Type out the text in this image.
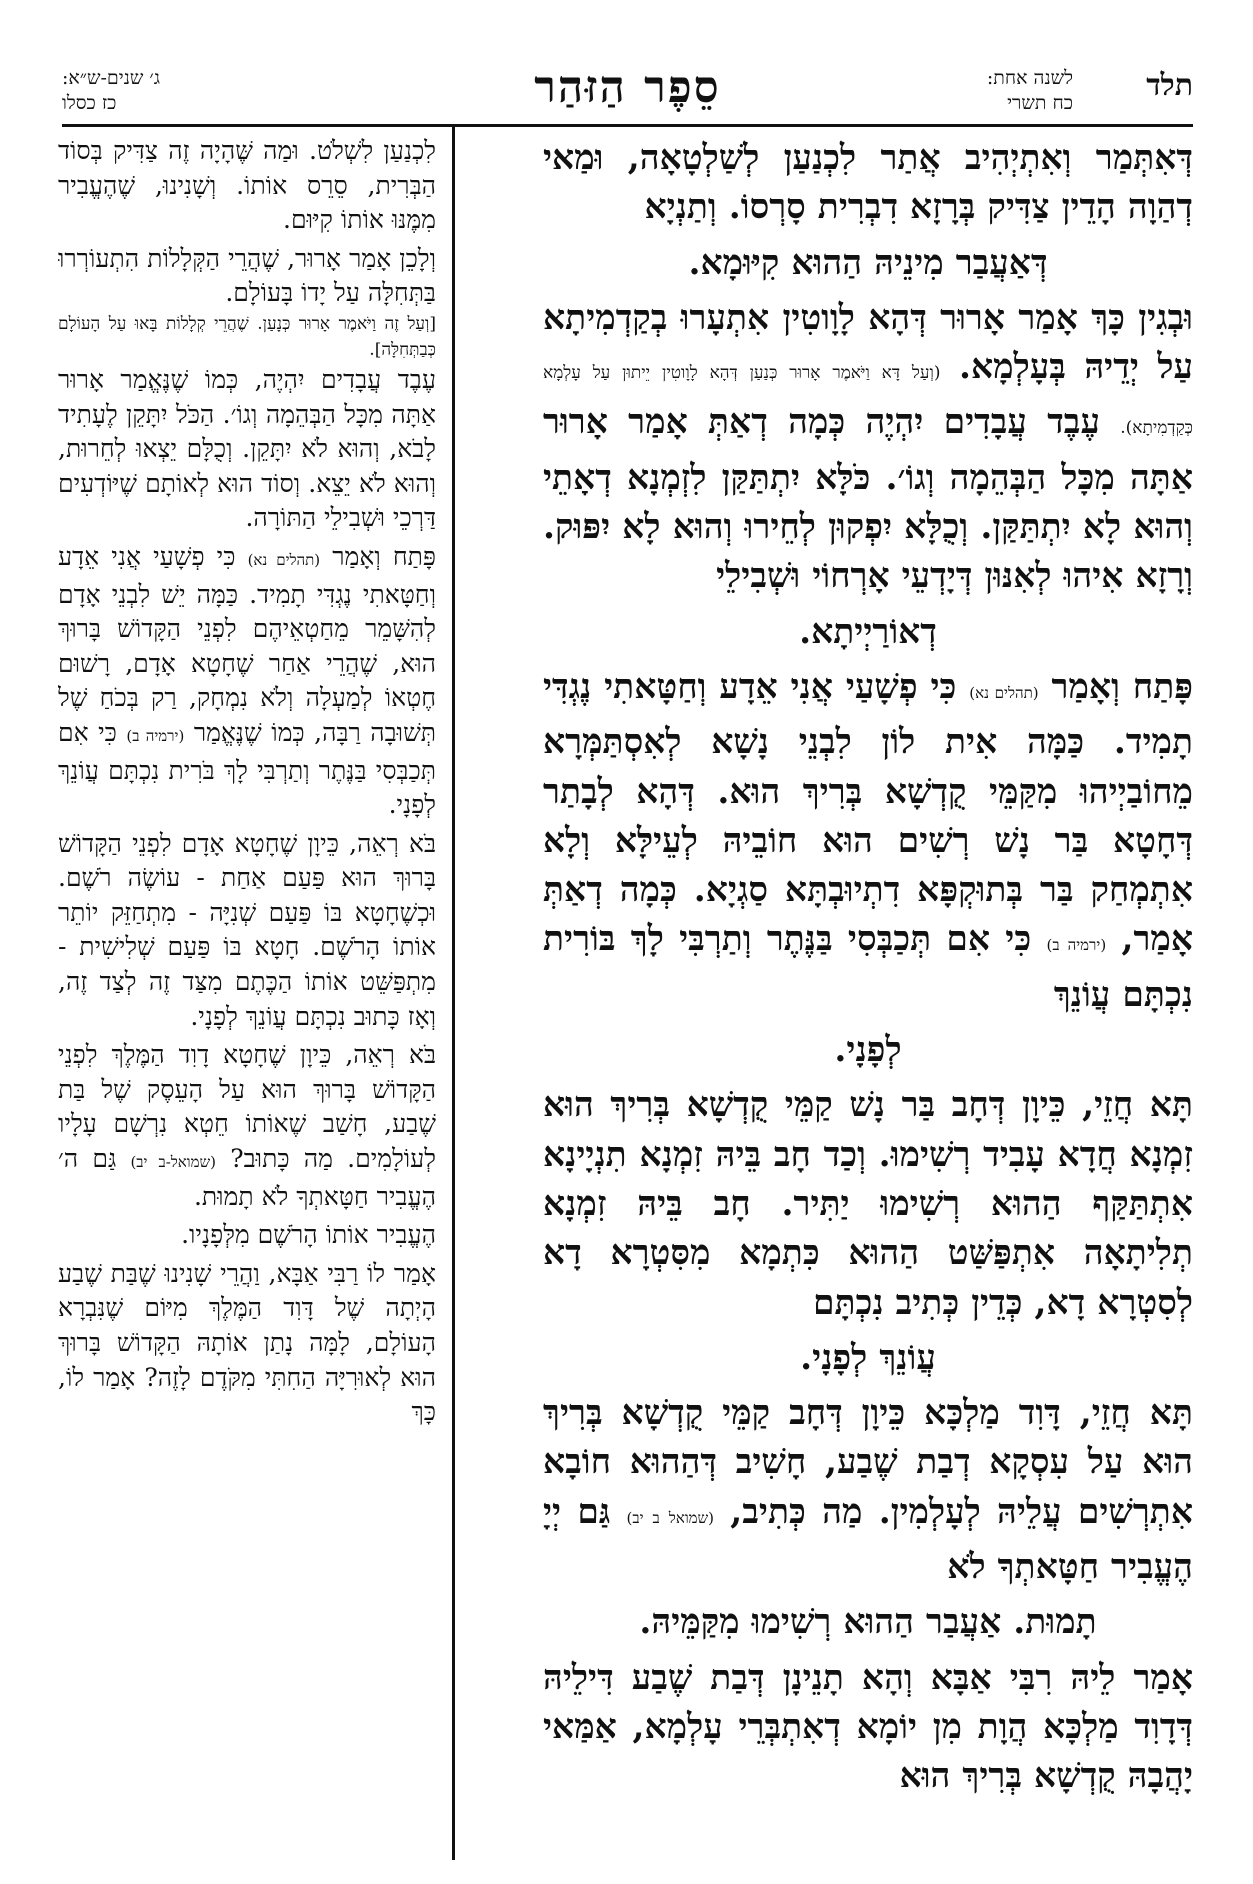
תלד
לשנה אחת:
כח תשרי
סֵפֶר הַזּהַר
ג׳ שנים-ש״א:
כז כסלו

דְּאִתְּמַר וְאִתְיְהִיב אֲתַר לִכְנַעַן לְשַׁלְטָאָה, וּמַאי דְהַוָה הָדֵין צַדִּיק בְּרָזָא דִבְרִית סָרְסוֹ. וְתַנְיָא

דְּאַעֲבַר מִינֵיהּ הַהוּא קִיּוּמָא.

וּבְגִין כָּךְ אָמַר אָרוּר דְּהָא לָוָוטִין אִתְעָרוּ בְקַדְמִיתָא עַל יְדֵיהּ בְּעָלְמָא. (וְעַל דָּא וַיֹּאמֶר אָרוּר כְּנַעַן דְּהָא לָוָוטִין יֵיתוּן עַל עָלְמָא כְּקַדְמִיתָא). עֶבֶד עֲבָדִים יִהְיֶה כְּמָה דְאַתְּ אָמַר אָרוּר אַתָּה מִכָּל הַבְּהֵמָה וְגוֹ׳. כֹּלָּא יִתְתַּקַּן לִזְמְנָא דְאָתֵי וְהוּא לָא יִתְתַּקַּן. וְכֻלָּא יִפְקוּן לְחֵירוּ וְהוּא לָא יִפּוּק. וְרָזָא אִיהוּ לְאִנּוּן דְּיָדְעֵי אָרְחוֹי וּשְׁבִילֵי

דְאוֹרַיְיתָא.

פָּתַח וְאָמַר (תהלים נא) כִּי פְשָׁעַי אֲנִי אֵדָע וְחַטָּאתִי נֶגְדִּי תָמִיד. כַּמָּה אִית לוֹן לִבְנֵי נָשָׁא לְאִסְתַּמְּרָא מֵחוֹבַיְיהוּ מִקַּמֵּי קֻדְשָׁא בְּרִיךְ הוּא. דְּהָא לְבָתַר דְּחָטָא בַּר נָשׁ רְשִׁים הוּא חוֹבֵיהּ לְעֵילָּא וְלָא אִתְמְחַק בַּר בְּתוּקְפָּא דִתְיוּבְתָּא סַגְיָא. כְּמָה דְאַתְּ אָמַר, (ירמיה ב) כִּי אִם תְּכַבְּסִי בַּנֶּתֶר וְתַרְבִּי לָךְ בּוֹרִית נִכְתָּם עֲוֹנֵךְ

לְפָנָי.

תָּא חֲזֵי, כֵּיוָן דְּחָב בַּר נָשׁ קַמֵּי קֻדְשָׁא בְּרִיךְ הוּא זִמְנָא חֲדָא עָבִיד רְשִׁימוּ. וְכַד חָב בֵּיהּ זִמְנָא תִנְיָינָא אִתְתַּקַּף הַהוּא רְשִׁימוּ יַתִּיר. חָב בֵּיהּ זִמְנָא תְלִיתָאָה אִתְפַּשַּׁט הַהוּא כִּתְמָא מִסִּטְרָא דָא לְסִטְרָא דָא, כְּדֵין כְּתִיב נִכְתָּם

עֲוֹנֵךְ לְפָנָי.

תָּא חֲזֵי, דָּוִד מַלְכָּא כֵּיוָן דְּחָב קַמֵּי קֻדְשָׁא בְּרִיךְ הוּא עַל עִסְקָא דְבַת שֶׁבַע, חָשִׁיב דְּהַהוּא חוֹבָא אִתְרְשִׁים עֲלֵיהּ לְעָלְמִין. מַה כְּתִיב, (שמואל ב יב) גַּם יְיָ הֶעֱבִיר חַטָּאתְךָ לֹא

תָמוּת. אַעֲבַר הַהוּא רְשִׁימוּ מִקַּמֵּיהּ.

אָמַר לֵיהּ רִבִּי אַבָּא וְהָא תָנֵינָן דְּבַת שֶׁבַע דִּילֵיהּ דְּדָוִד מַלְכָּא הֲוָת מִן יוֹמָא דְאִתְבְּרֵי עָלְמָא, אַמַּאי יָהֲבָהּ קֻדְשָׁא בְּרִיךְ הוּא

לִכְנַעַן לִשְׁלֹט. וּמַה שֶּׁהָיָה זֶה צַדִּיק בְּסוֹד הַבְּרִית, סֵרֵס אוֹתוֹ. וְשָׁנִינוּ, שֶׁהֶעֱבִיר מִמֶּנּוּ אוֹתוֹ קִיּוּם.

וְלָכֵן אָמַר אָרוּר, שֶׁהֲרֵי הַקְּלָלוֹת הִתְעוֹרְרוּ בַּתְּחִלָּה עַל יָדוֹ בָּעוֹלָם.
[וְעַל זֶה וַיֹּאמֶר אָרוּר כְּנָעַן. שֶׁהֲרֵי קְלָלוֹת בָּאוּ עַל הָעוֹלָם כְּבַתְּחִלָּה].
עֶבֶד עֲבָדִים יִהְיֶה, כְּמוֹ שֶׁנֶּאֱמַר אָרוּר אַתָּה מִכָּל הַבְּהֵמָה וְגוֹ׳. הַכֹּל יִתָּקֵן לֶעָתִיד לָבֹא, וְהוּא לֹא יִתָּקֵן. וְכֻלָּם יֵצְאוּ לְחֵרוּת, וְהוּא לֹא יֵצֵא. וְסוֹד הוּא לְאוֹתָם שֶׁיּוֹדְעִים דַּרְכֵי וּשְׁבִילֵי הַתּוֹרָה.

פָּתַח וְאָמַר (תהלים נא) כִּי פְשָׁעַי אֲנִי אֵדָע וְחַטָּאתִי נֶגְדִּי תָמִיד. כַּמָּה יֵשׁ לִבְנֵי אָדָם לְהִשָּׁמֵר מֵחַטְאֵיהֶם לִפְנֵי הַקָּדוֹשׁ בָּרוּךְ הוּא, שֶׁהֲרֵי אַחַר שֶׁחָטָא אָדָם, רָשׁוּם חֶטְאוֹ לְמַעְלָה וְלֹא נִמְחָק, רַק בְּכֹחַ שֶׁל תְּשׁוּבָה רַבָּה, כְּמוֹ שֶׁנֶּאֱמַר (ירמיה ב) כִּי אִם תְּכַבְּסִי בַּנֶּתֶר וְתַרְבִּי לָךְ בֹּרִית נִכְתָּם עֲוֹנֵךְ לְפָנָי.

בֹּא רְאֵה, כֵּיוָן שֶׁחָטָא אָדָם לִפְנֵי הַקָּדוֹשׁ בָּרוּךְ הוּא פַּעַם אַחַת - עוֹשֶׂה רֹשֶׁם. וּכְשֶׁחָטָא בּוֹ פַּעַם שְׁנִיָּה - מִתְחַזֵּק יוֹתֵר אוֹתוֹ הָרֹשֶׁם. חָטָא בּוֹ פַּעַם שְׁלִישִׁית - מִתְפַּשֵּׁט אוֹתוֹ הַכֶּתֶם מִצַּד זֶה לְצַד זֶה, וְאָז כָּתוּב נִכְתָּם עֲוֹנֵךְ לְפָנָי.

בֹּא רְאֵה, כֵּיוָן שֶׁחָטָא דָוִד הַמֶּלֶךְ לִפְנֵי הַקָּדוֹשׁ בָּרוּךְ הוּא עַל הָעֵסֶק שֶׁל בַּת שֶׁבַע, חָשַׁב שֶׁאוֹתוֹ חֵטְא נִרְשָׁם עָלָיו לְעוֹלָמִים. מַה כָּתוּב? (שמואל-ב יב) גַּם ה׳ הֶעֱבִיר חַטָּאתְךָ לֹא תָמוּת.

הֶעֱבִיר אוֹתוֹ הָרֹשֶׁם מִלְּפָנָיו.

אָמַר לוֹ רַבִּי אַבָּא, וַהֲרֵי שָׁנִינוּ שֶׁבַּת שֶׁבַע הָיְתָה שֶׁל דָּוִד הַמֶּלֶךְ מִיּוֹם שֶׁנִּבְרָא הָעוֹלָם, לָמָּה נָתַן אוֹתָהּ הַקָּדוֹשׁ בָּרוּךְ הוּא לְאוּרִיָּה הַחִתִּי מִקֹּדֶם לָזֶה? אָמַר לוֹ, כָּךְ
